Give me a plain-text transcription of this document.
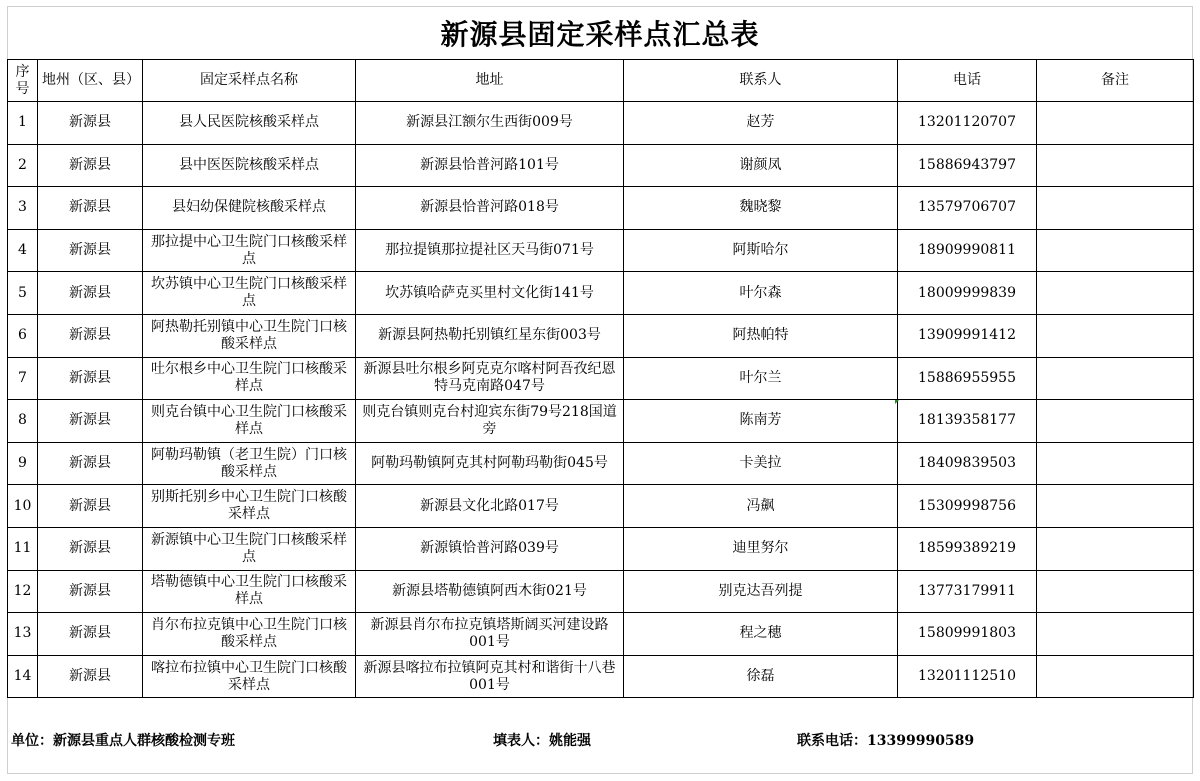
新源县固定采样点汇总表
序号	地州（区、县）	固定采样点名称	地址	联系人	电话	备注
1	新源县	县人民医院核酸采样点	新源县江额尔生西街009号	赵芳	13201120707	
2	新源县	县中医医院核酸采样点	新源县恰普河路101号	谢颜凤	15886943797	
3	新源县	县妇幼保健院核酸采样点	新源县恰普河路018号	魏晓黎	13579706707	
4	新源县	那拉提中心卫生院门口核酸采样点	那拉提镇那拉提社区天马街071号	阿斯哈尔	18909990811	
5	新源县	坎苏镇中心卫生院门口核酸采样点	坎苏镇哈萨克买里村文化街141号	叶尔森	18009999839	
6	新源县	阿热勒托别镇中心卫生院门口核酸采样点	新源县阿热勒托别镇红星东街003号	阿热帕特	13909991412	
7	新源县	吐尔根乡中心卫生院门口核酸采样点	新源县吐尔根乡阿克克尔喀村阿吾孜纪恩特马克南路047号	叶尔兰	15886955955	
8	新源县	则克台镇中心卫生院门口核酸采样点	则克台镇则克台村迎宾东街79号218国道旁	陈南芳	18139358177	
9	新源县	阿勒玛勒镇（老卫生院）门口核酸采样点	阿勒玛勒镇阿克其村阿勒玛勒街045号	卡美拉	18409839503	
10	新源县	别斯托别乡中心卫生院门口核酸采样点	新源县文化北路017号	冯飙	15309998756	
11	新源县	新源镇中心卫生院门口核酸采样点	新源镇恰普河路039号	迪里努尔	18599389219	
12	新源县	塔勒德镇中心卫生院门口核酸采样点	新源县塔勒德镇阿西木街021号	别克达吾列提	13773179911	
13	新源县	肖尔布拉克镇中心卫生院门口核酸采样点	新源县肖尔布拉克镇塔斯阔买河建设路001号	程之穗	15809991803	
14	新源县	喀拉布拉镇中心卫生院门口核酸采样点	新源县喀拉布拉镇阿克其村和谐街十八巷001号	徐磊	13201112510	
单位：新源县重点人群核酸检测专班	填表人：姚能强	联系电话：13399990589
